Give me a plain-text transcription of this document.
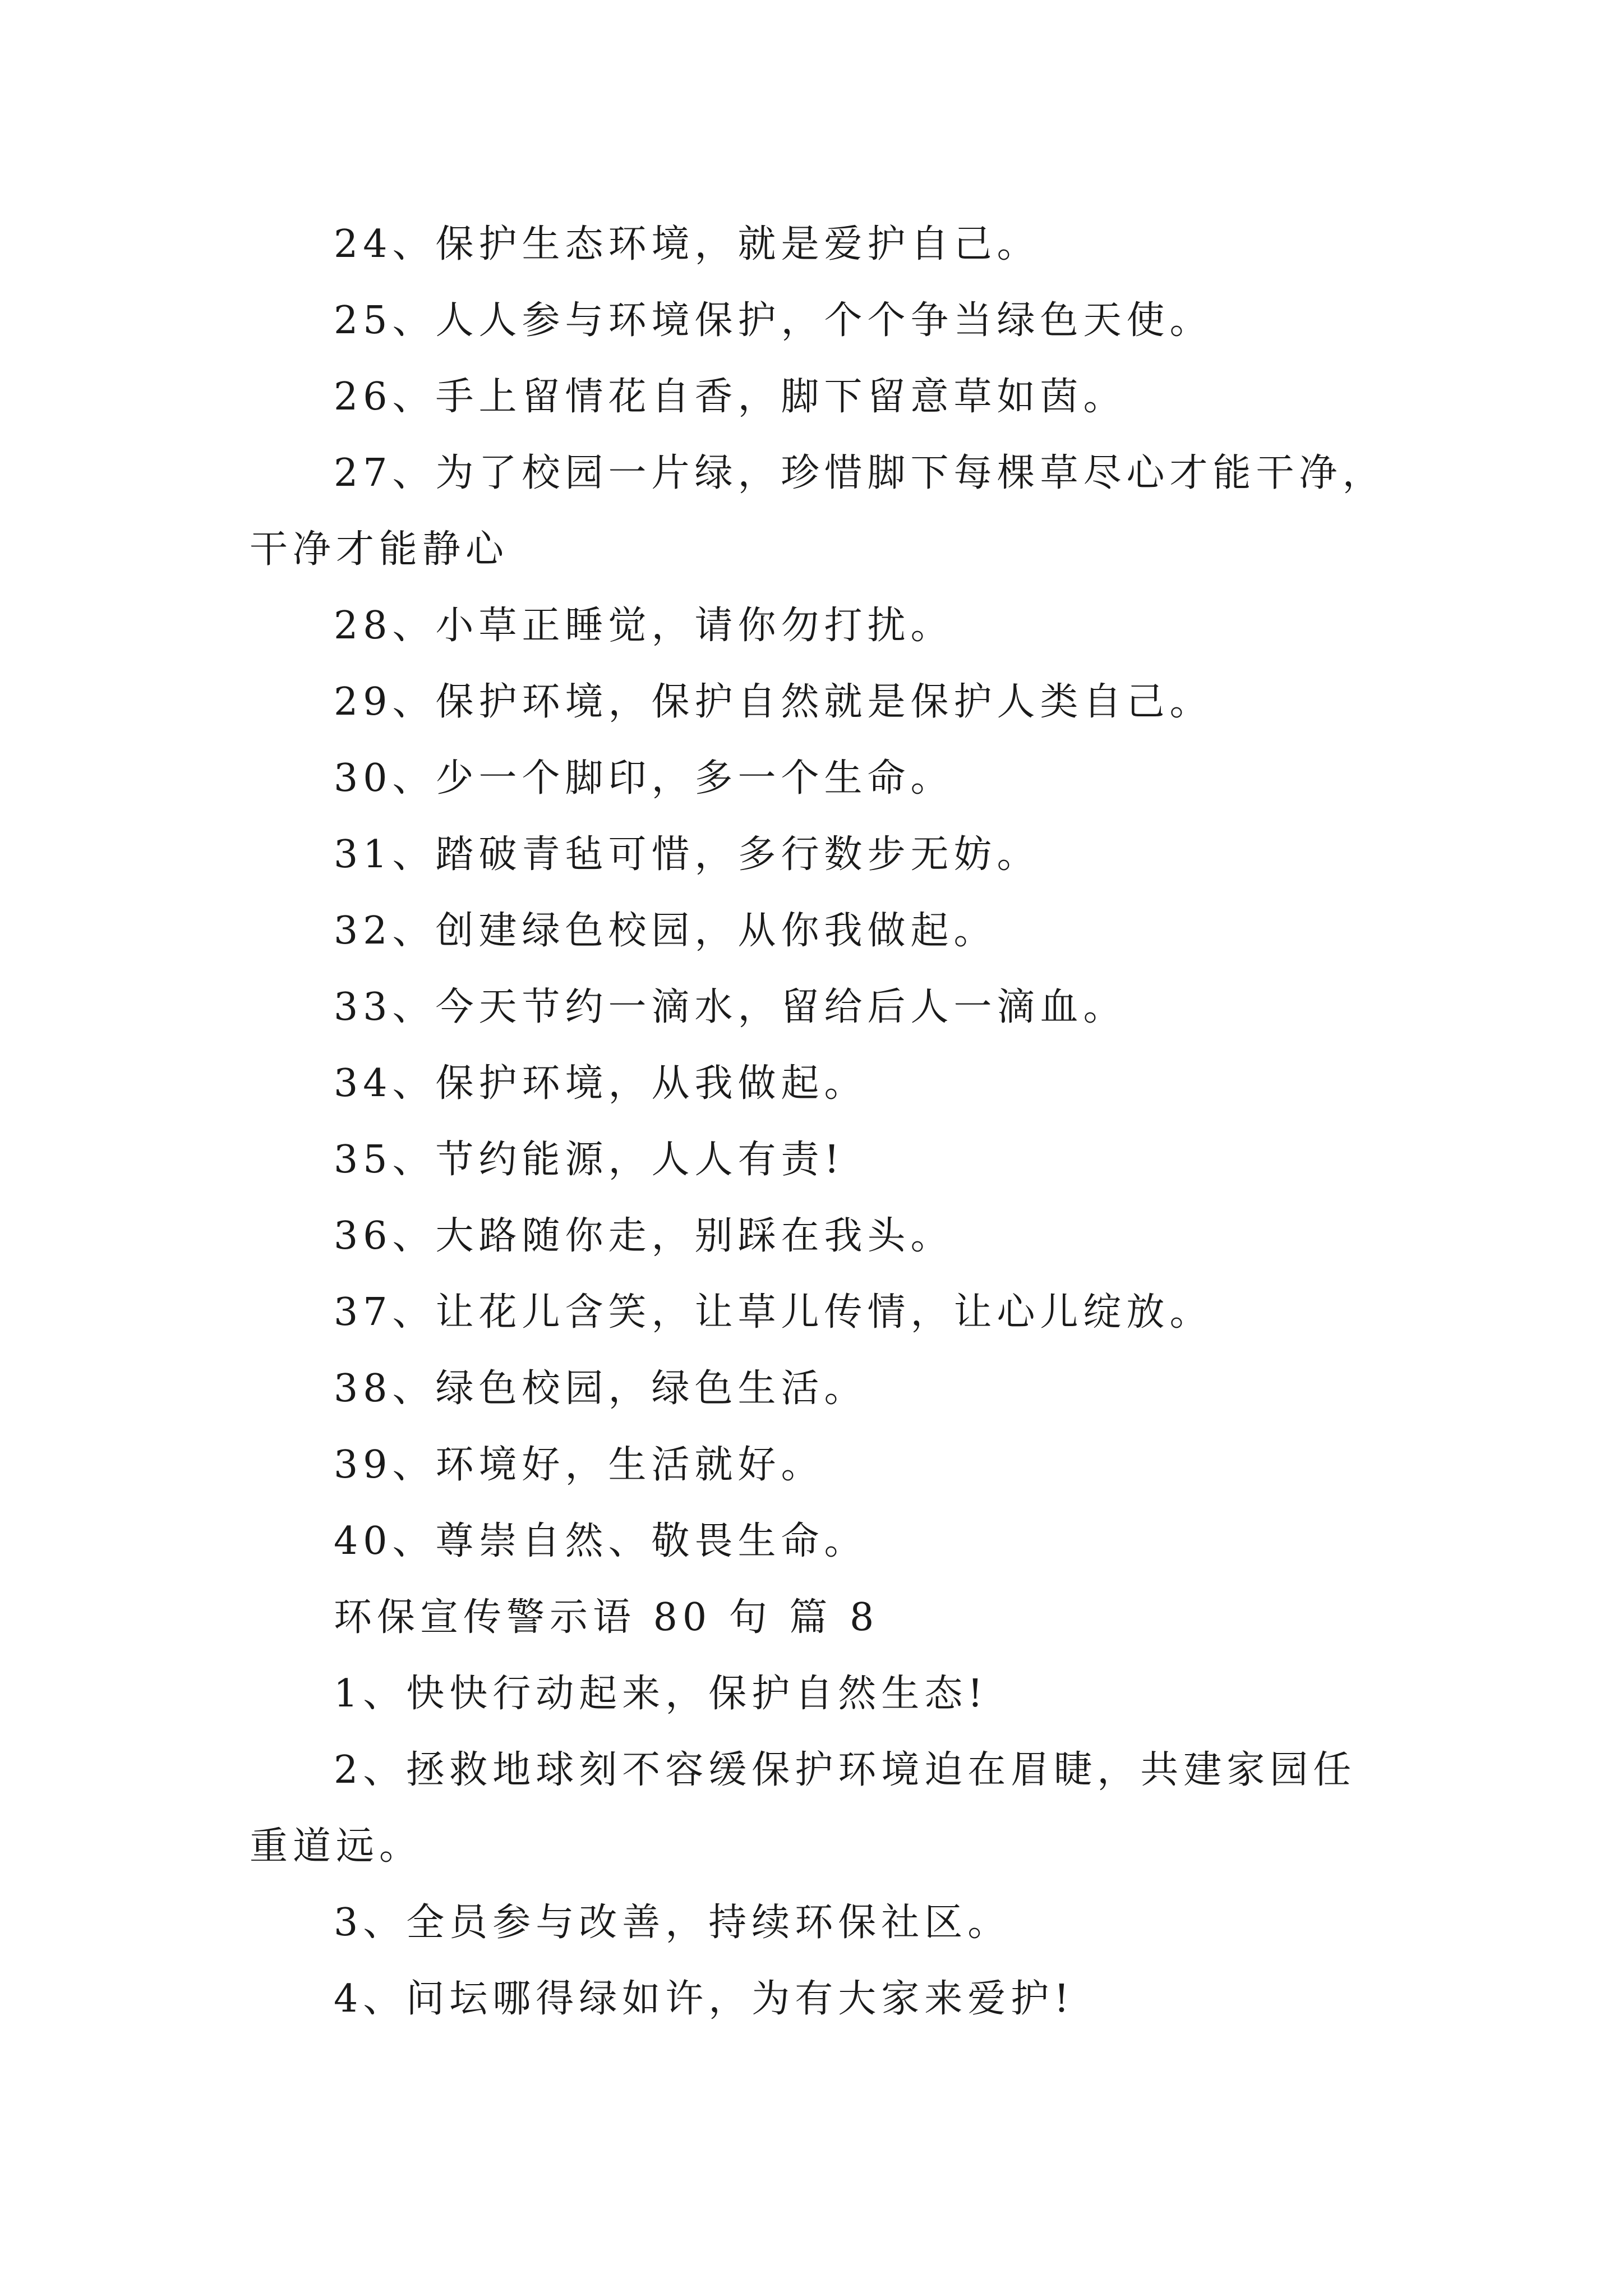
24、保护生态环境，就是爱护自己。
25、人人参与环境保护，个个争当绿色天使。
26、手上留情花自香，脚下留意草如茵。
27、为了校园一片绿，珍惜脚下每棵草尽心才能干净，
干净才能静心
28、小草正睡觉，请你勿打扰。
29、保护环境，保护自然就是保护人类自己。
30、少一个脚印，多一个生命。
31、踏破青毡可惜，多行数步无妨。
32、创建绿色校园，从你我做起。
33、今天节约一滴水，留给后人一滴血。
34、保护环境，从我做起。
35、节约能源，人人有责!
36、大路随你走，别踩在我头。
37、让花儿含笑，让草儿传情，让心儿绽放。
38、绿色校园，绿色生活。
39、环境好，生活就好。
40、尊崇自然、敬畏生命。
环保宣传警示语 80 句 篇 8
1、快快行动起来，保护自然生态!
2、拯救地球刻不容缓保护环境迫在眉睫，共建家园任
重道远。
3、全员参与改善，持续环保社区。
4、问坛哪得绿如许，为有大家来爱护!
